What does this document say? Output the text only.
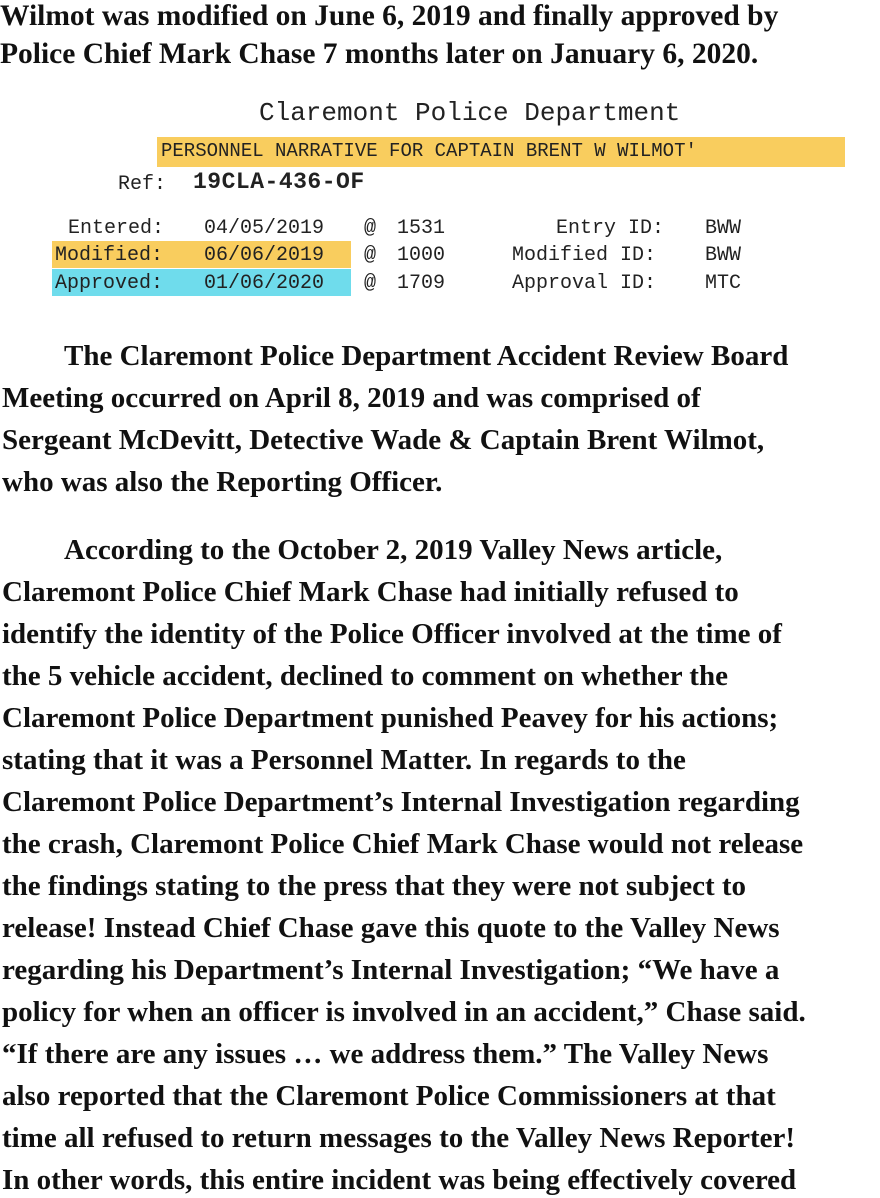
Wilmot was modified on June 6, 2019 and finally approved by
Police Chief Mark Chase 7 months later on January 6, 2020.
Claremont Police Department
PERSONNEL NARRATIVE FOR CAPTAIN BRENT W WILMOT'
Ref: 19CLA-436-OF
Entered: 04/05/2019 @ 1531	Entry ID: BWW
Modified: 06/06/2019 @ 1000	Modified ID: BWW
Approved: 01/06/2020 @ 1709	Approval ID: MTC
The Claremont Police Department Accident Review Board
Meeting occurred on April 8, 2019 and was comprised of
Sergeant McDevitt, Detective Wade & Captain Brent Wilmot,
who was also the Reporting Officer.
According to the October 2, 2019 Valley News article,
Claremont Police Chief Mark Chase had initially refused to
identify the identity of the Police Officer involved at the time of
the 5 vehicle accident, declined to comment on whether the
Claremont Police Department punished Peavey for his actions;
stating that it was a Personnel Matter. In regards to the
Claremont Police Department’s Internal Investigation regarding
the crash, Claremont Police Chief Mark Chase would not release
the findings stating to the press that they were not subject to
release! Instead Chief Chase gave this quote to the Valley News
regarding his Department’s Internal Investigation; “We have a
policy for when an officer is involved in an accident,” Chase said.
“If there are any issues … we address them.” The Valley News
also reported that the Claremont Police Commissioners at that
time all refused to return messages to the Valley News Reporter!
In other words, this entire incident was being effectively covered
